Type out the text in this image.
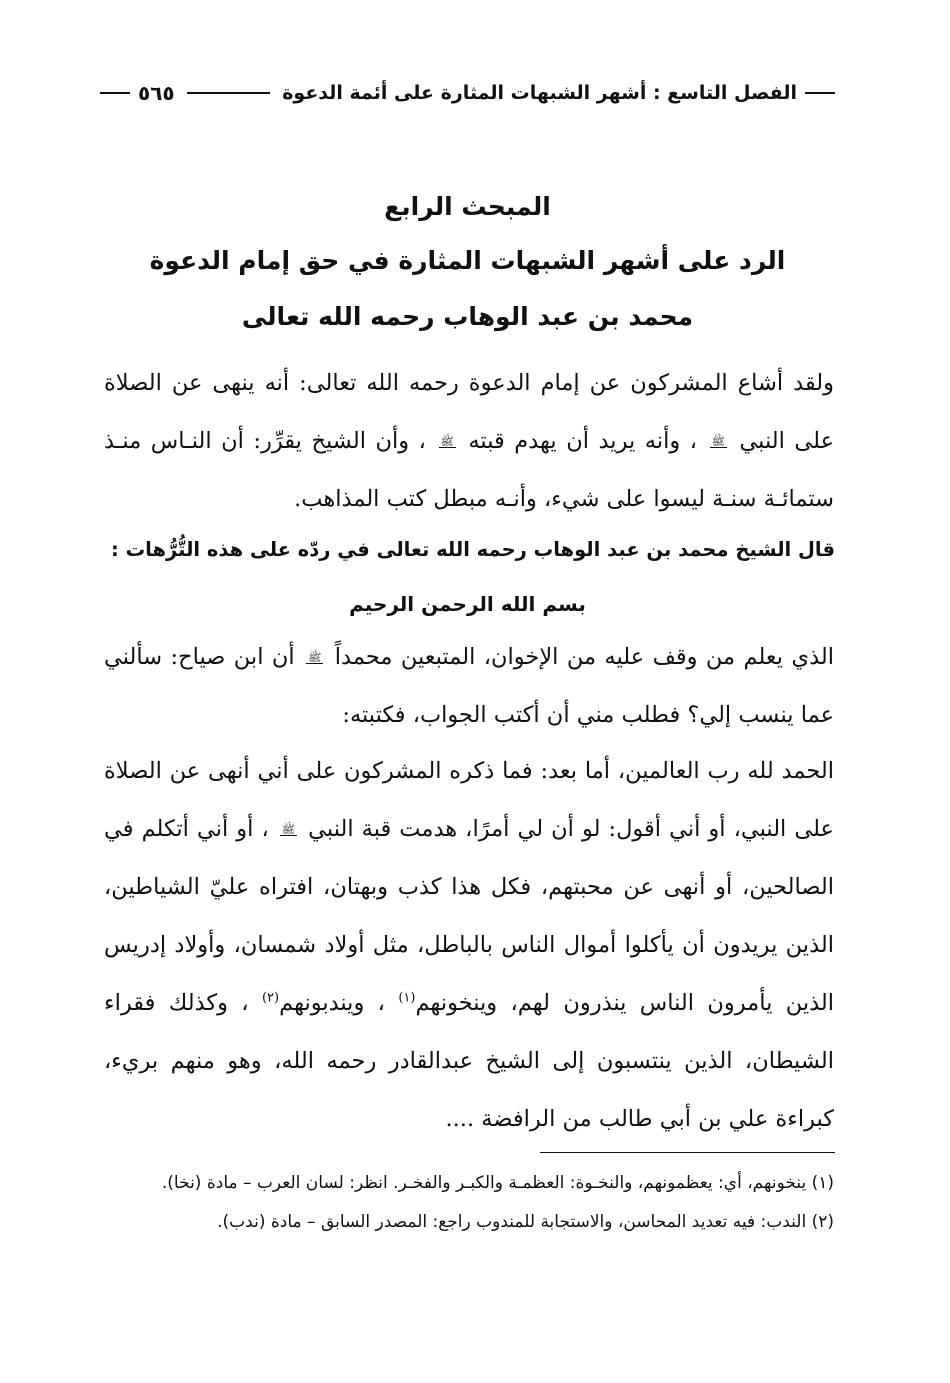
الفصل التاسع : أشهر الشبهات المثارة على أئمة الدعوة
٥٦٥
المبحث الرابع
الرد على أشهر الشبهات المثارة في حق إمام الدعوة
محمد بن عبد الوهاب رحمه الله تعالى
ولقد أشاع المشركون عن إمام الدعوة رحمه الله تعالى: أنه ينهى عن الصلاة على النبي ﷺ ، وأنه يريد أن يهدم قبته ﷺ ، وأن الشيخ يقرِّر: أن النـاس منـذ ستمائـة سنـة ليسوا على شيء، وأنـه مبطل كتب المذاهب.
قال الشيخ محمد بن عبد الوهاب رحمه الله تعالى في ردّه على هذه التُّرُّهات :
بسم الله الرحمن الرحيم
الذي يعلم من وقف عليه من الإخوان، المتبعين محمداً ﷺ أن ابن صياح: سألني عما ينسب إلي؟ فطلب مني أن أكتب الجواب، فكتبته:
الحمد لله رب العالمين، أما بعد: فما ذكره المشركون على أني أنهى عن الصلاة على النبي، أو أني أقول: لو أن لي أمرًا، هدمت قبة النبي ﷺ ، أو أني أتكلم في الصالحين، أو أنهى عن محبتهم، فكل هذا كذب وبهتان، افتراه عليّ الشياطين، الذين يريدون أن يأكلوا أموال الناس بالباطل، مثل أولاد شمسان، وأولاد إدريس الذين يأمرون الناس ينذرون لهم، وينخونهم$^{(١)}$ ، ويندبونهم$^{(٢)}$ ، وكذلك فقراء الشيطان، الذين ينتسبون إلى الشيخ عبدالقادر رحمه الله، وهو منهم بريء، كبراءة علي بن أبي طالب من الرافضة ....

(١) ينخونهم، أي: يعظمونهم، والنخـوة: العظمـة والكبـر والفخـر. انظر: لسان العرب – مادة (نخا).

(٢) الندب: فيه تعديد المحاسن، والاستجابة للمندوب راجع: المصدر السابق – مادة (ندب).
